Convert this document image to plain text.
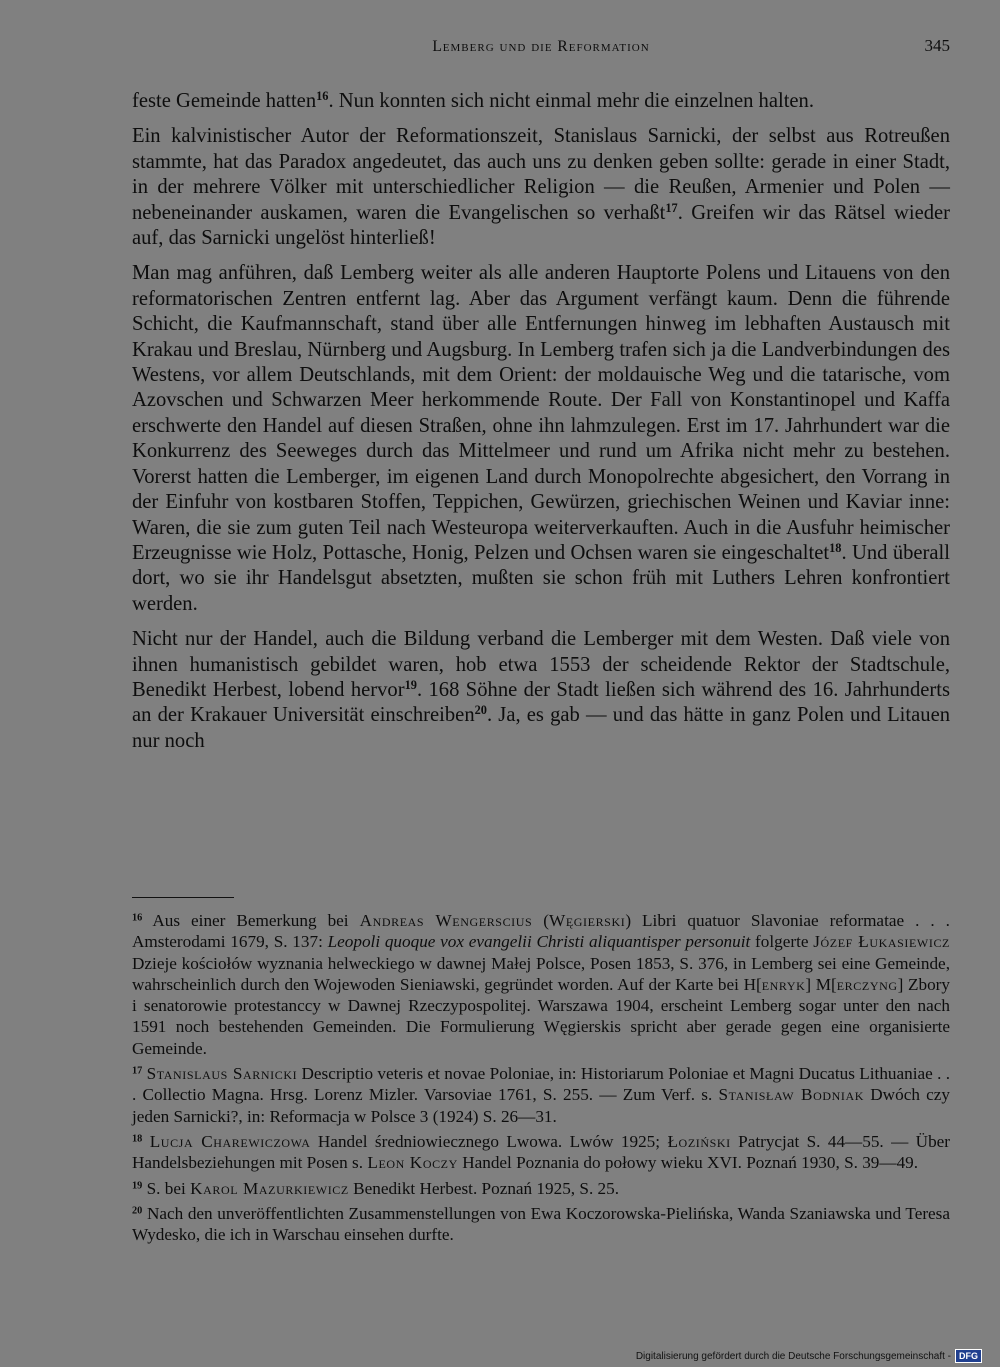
Lemberg und die Reformation	345

feste Gemeinde hatten$^{16}$. Nun konnten sich nicht einmal mehr die einzelnen halten.

Ein kalvinistischer Autor der Reformationszeit, Stanislaus Sarnicki, der selbst aus Rotreußen stammte, hat das Paradox angedeutet, das auch uns zu denken geben sollte: gerade in einer Stadt, in der mehrere Völker mit unterschiedlicher Religion — die Reußen, Armenier und Polen — nebeneinander auskamen, waren die Evangelischen so verhaßt$^{17}$. Greifen wir das Rätsel wieder auf, das Sarnicki ungelöst hinterließ!

Man mag anführen, daß Lemberg weiter als alle anderen Hauptorte Polens und Litauens von den reformatorischen Zentren entfernt lag. Aber das Argument verfängt kaum. Denn die führende Schicht, die Kaufmannschaft, stand über alle Entfernungen hinweg im lebhaften Austausch mit Krakau und Breslau, Nürnberg und Augsburg. In Lemberg trafen sich ja die Landverbindungen des Westens, vor allem Deutschlands, mit dem Orient: der moldauische Weg und die tatarische, vom Azovschen und Schwarzen Meer herkommende Route. Der Fall von Konstantinopel und Kaffa erschwerte den Handel auf diesen Straßen, ohne ihn lahmzulegen. Erst im 17. Jahrhundert war die Konkurrenz des Seeweges durch das Mittelmeer und rund um Afrika nicht mehr zu bestehen. Vorerst hatten die Lemberger, im eigenen Land durch Monopolrechte abgesichert, den Vorrang in der Einfuhr von kostbaren Stoffen, Teppichen, Gewürzen, griechischen Weinen und Kaviar inne: Waren, die sie zum guten Teil nach Westeuropa weiterverkauften. Auch in die Ausfuhr heimischer Erzeugnisse wie Holz, Pottasche, Honig, Pelzen und Ochsen waren sie eingeschaltet$^{18}$. Und überall dort, wo sie ihr Handelsgut absetzten, mußten sie schon früh mit Luthers Lehren konfrontiert werden.

Nicht nur der Handel, auch die Bildung verband die Lemberger mit dem Westen. Daß viele von ihnen humanistisch gebildet waren, hob etwa 1553 der scheidende Rektor der Stadtschule, Benedikt Herbest, lobend hervor$^{19}$. 168 Söhne der Stadt ließen sich während des 16. Jahrhunderts an der Krakauer Universität einschreiben$^{20}$. Ja, es gab — und das hätte in ganz Polen und Litauen nur noch

$^{16}$ Aus einer Bemerkung bei Andreas Wengerscius (Węgierski) Libri quatuor Slavoniae reformatae . . . Amsterodami 1679, S. 137: Leopoli quoque vox evangelii Christi aliquantisper personuit folgerte Józef Łukasiewicz Dzieje kościołów wyznania helweckiego w dawnej Małej Polsce, Posen 1853, S. 376, in Lemberg sei eine Gemeinde, wahrscheinlich durch den Wojewoden Sieniawski, gegründet worden. Auf der Karte bei H[enryk] M[erczyng] Zbory i senatorowie protestanccy w Dawnej Rzeczypospolitej. Warszawa 1904, erscheint Lemberg sogar unter den nach 1591 noch bestehenden Gemeinden. Die Formulierung Węgierskis spricht aber gerade gegen eine organisierte Gemeinde.

$^{17}$ Stanislaus Sarnicki Descriptio veteris et novae Poloniae, in: Historiarum Poloniae et Magni Ducatus Lithuaniae . . . Collectio Magna. Hrsg. Lorenz Mizler. Varsoviae 1761, S. 255. — Zum Verf. s. Stanisław Bodniak Dwóch czy jeden Sarnicki?, in: Reformacja w Polsce 3 (1924) S. 26—31.

$^{18}$ Lucja Charewiczowa Handel średniowiecznego Lwowa. Lwów 1925; Łoziński Patrycjat S. 44—55. — Über Handelsbeziehungen mit Posen s. Leon Koczy Handel Poznania do połowy wieku XVI. Poznań 1930, S. 39—49.

$^{19}$ S. bei Karol Mazurkiewicz Benedikt Herbest. Poznań 1925, S. 25.

$^{20}$ Nach den unveröffentlichten Zusammenstellungen von Ewa Koczorowska-Pielińska, Wanda Szaniawska und Teresa Wydesko, die ich in Warschau einsehen durfte.

Digitalisierung gefördert durch die Deutsche Forschungsgemeinschaft - DFG
